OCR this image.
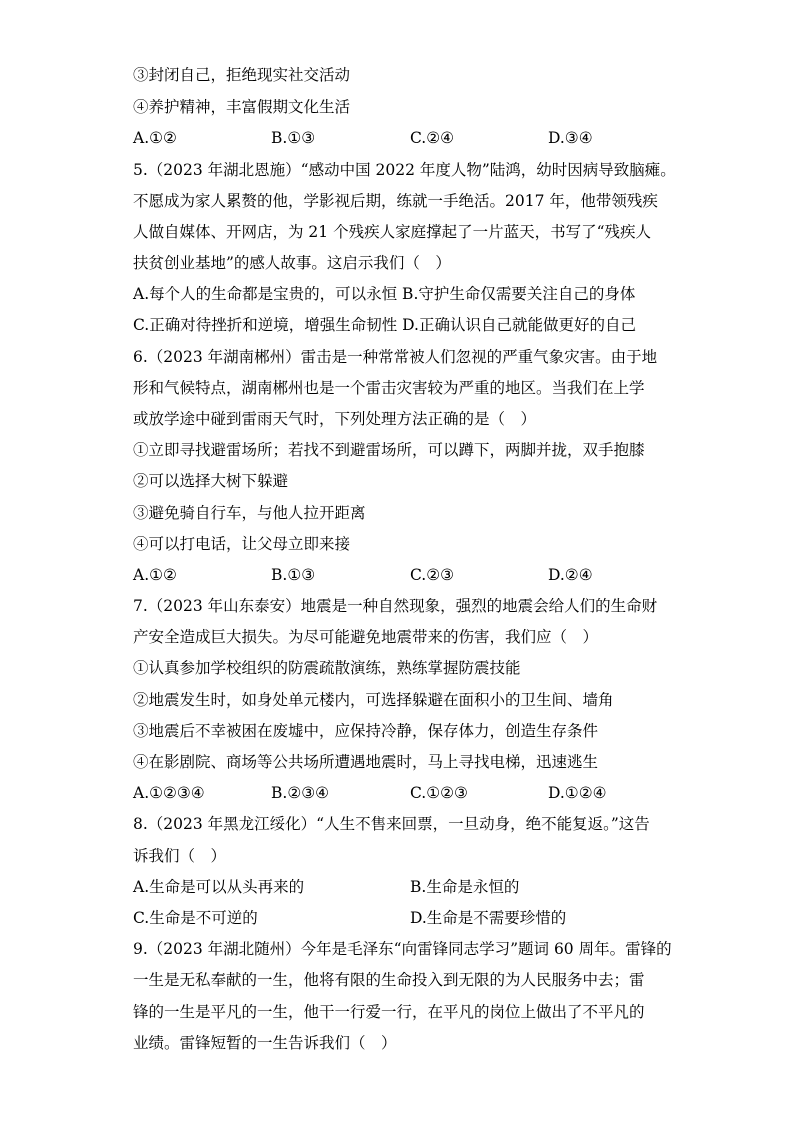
③封闭自己，拒绝现实社交活动
④养护精神，丰富假期文化生活
A.①②	B.①③	C.②④	D.③④
5.（2023 年湖北恩施）“感动中国 2022 年度人物”陆鸿，幼时因病导致脑瘫。
不愿成为家人累赘的他，学影视后期，练就一手绝活。2017 年，他带领残疾
人做自媒体、开网店，为 21 个残疾人家庭撑起了一片蓝天，书写了“残疾人
扶贫创业基地”的感人故事。这启示我们（　）
A.每个人的生命都是宝贵的，可以永恒 B.守护生命仅需要关注自己的身体
C.正确对待挫折和逆境，增强生命韧性 D.正确认识自己就能做更好的自己
6.（2023 年湖南郴州）雷击是一种常常被人们忽视的严重气象灾害。由于地
形和气候特点，湖南郴州也是一个雷击灾害较为严重的地区。当我们在上学
或放学途中碰到雷雨天气时，下列处理方法正确的是（　）
①立即寻找避雷场所；若找不到避雷场所，可以蹲下，两脚并拢，双手抱膝
②可以选择大树下躲避
③避免骑自行车，与他人拉开距离
④可以打电话，让父母立即来接
A.①②	B.①③	C.②③	D.②④
7.（2023 年山东泰安）地震是一种自然现象，强烈的地震会给人们的生命财
产安全造成巨大损失。为尽可能避免地震带来的伤害，我们应（　）
①认真参加学校组织的防震疏散演练，熟练掌握防震技能
②地震发生时，如身处单元楼内，可选择躲避在面积小的卫生间、墙角
③地震后不幸被困在废墟中，应保持冷静，保存体力，创造生存条件
④在影剧院、商场等公共场所遭遇地震时，马上寻找电梯，迅速逃生
A.①②③④	B.②③④	C.①②③	D.①②④
8.（2023 年黑龙江绥化）“人生不售来回票，一旦动身，绝不能复返。”这告
诉我们（　）
A.生命是可以从头再来的	B.生命是永恒的
C.生命是不可逆的	D.生命是不需要珍惜的
9.（2023 年湖北随州）今年是毛泽东“向雷锋同志学习”题词 60 周年。雷锋的
一生是无私奉献的一生，他将有限的生命投入到无限的为人民服务中去；雷
锋的一生是平凡的一生，他干一行爱一行，在平凡的岗位上做出了不平凡的
业绩。雷锋短暂的一生告诉我们（　）
